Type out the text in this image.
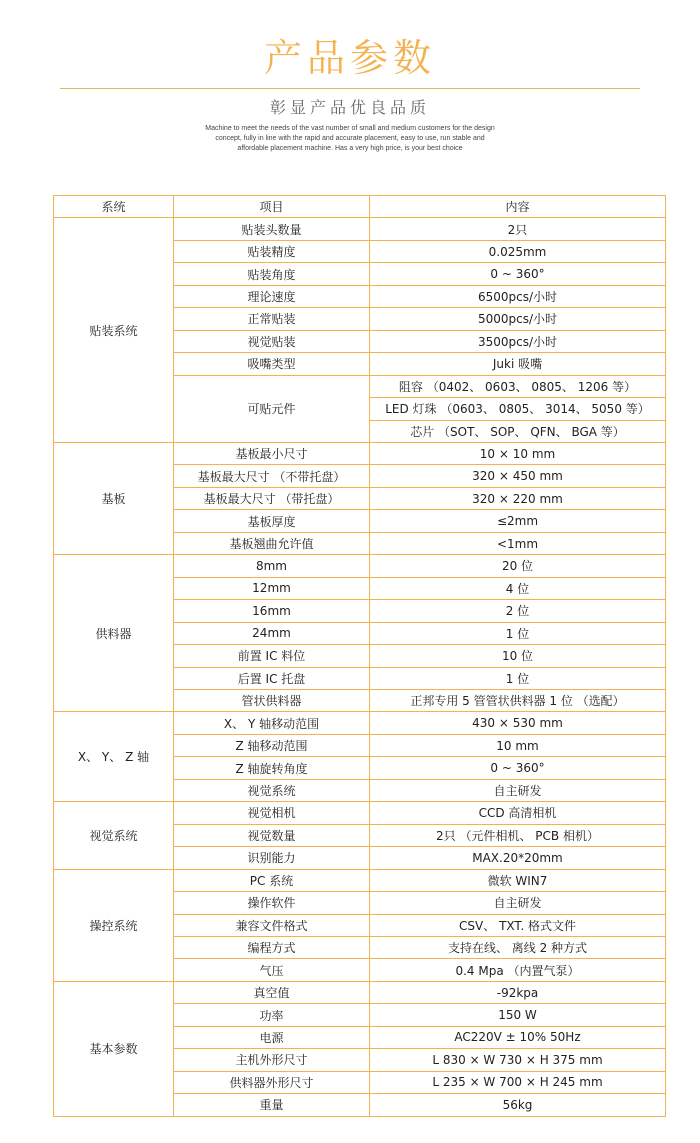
产品参数
彰显产品优良品质
Machine to meet the needs of the vast number of small and medium customers for the design
concept, fully in line with the rapid and accurate placement, easy to use, run stable and
affordable placement machine. Has a very high price, is your best choice
系统	项目	内容
贴装系统	贴装头数量	2只
	贴装精度	0.025mm
	贴装角度	0 ~ 360°
	理论速度	6500pcs/小时
	正常贴装	5000pcs/小时
	视觉贴装	3500pcs/小时
	吸嘴类型	Juki 吸嘴
	可贴元件	阻容 （0402、 0603、 0805、 1206 等）
		LED 灯珠 （0603、 0805、 3014、 5050 等）
		芯片 （SOT、 SOP、 QFN、 BGA 等）
基板	基板最小尺寸	10 × 10 mm
	基板最大尺寸 （不带托盘）	320 × 450 mm
	基板最大尺寸 （带托盘）	320 × 220 mm
	基板厚度	≤2mm
	基板翘曲允许值	<1mm
供料器	8mm	20 位
	12mm	4 位
	16mm	2 位
	24mm	1 位
	前置 IC 料位	10 位
	后置 IC 托盘	1 位
	管状供料器	正邦专用 5 管管状供料器 1 位 （选配）
X、 Y、 Z 轴	X、 Y 轴移动范围	430 × 530 mm
	Z 轴移动范围	10 mm
	Z 轴旋转角度	0 ~ 360°
	视觉系统	自主研发
视觉系统	视觉相机	CCD 高清相机
	视觉数量	2只 （元件相机、 PCB 相机）
	识别能力	MAX.20*20mm
操控系统	PC 系统	微软 WIN7
	操作软件	自主研发
	兼容文件格式	CSV、 TXT. 格式文件
	编程方式	支持在线、 离线 2 种方式
	气压	0.4 Mpa （内置气泵）
基本参数	真空值	-92kpa
	功率	150 W
	电源	AC220V ± 10% 50Hz
	主机外形尺寸	L 830 × W 730 × H 375 mm
	供料器外形尺寸	L 235 × W 700 × H 245 mm
	重量	56kg
